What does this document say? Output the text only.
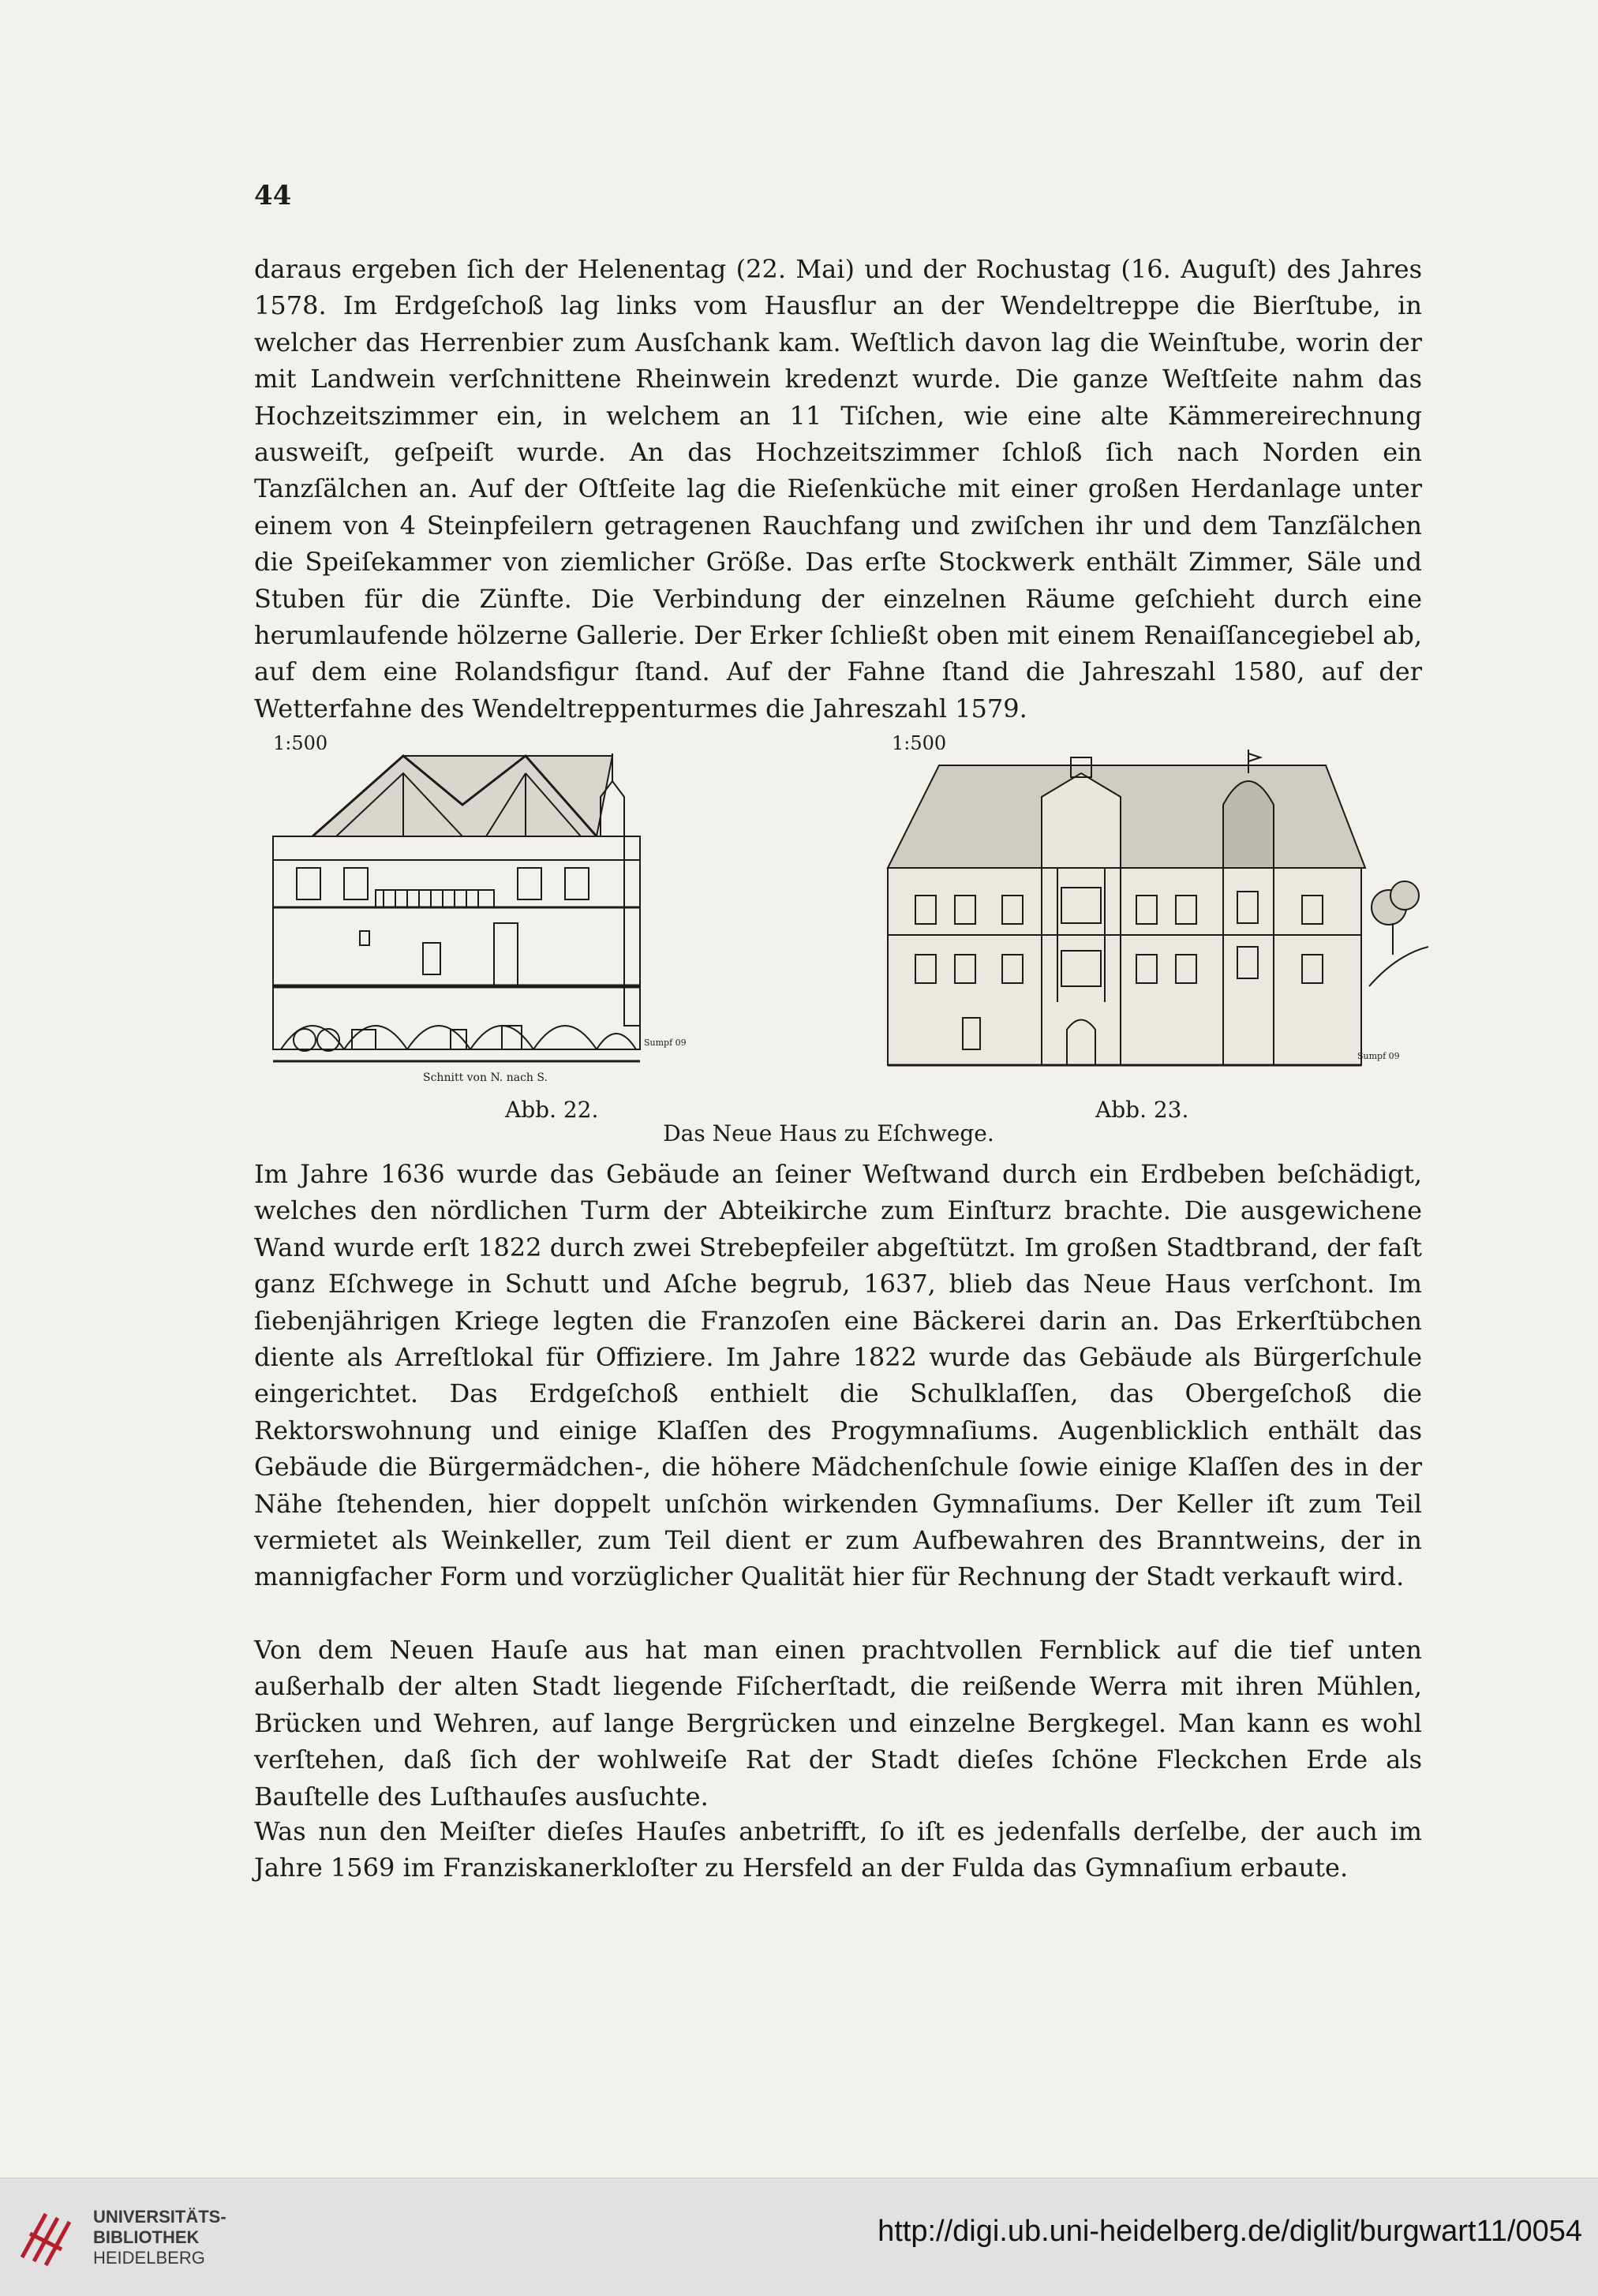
44

daraus ergeben ſich der Helenentag (22. Mai) und der Rochustag (16. Auguſt) des Jahres 1578. Im Erdgeſchoß lag links vom Hausflur an der Wendeltreppe die Bierſtube, in welcher das Herrenbier zum Ausſchank kam. Weſtlich davon lag die Weinſtube, worin der mit Landwein verſchnittene Rheinwein kredenzt wurde. Die ganze Weſtſeite nahm das Hochzeitszimmer ein, in welchem an 11 Tiſchen, wie eine alte Kämmereirechnung ausweiſt, geſpeiſt wurde. An das Hochzeitszimmer ſchloß ſich nach Norden ein Tanzſälchen an. Auf der Oſtſeite lag die Rieſenküche mit einer großen Herdanlage unter einem von 4 Steinpfeilern getragenen Rauchfang und zwiſchen ihr und dem Tanzſälchen die Speiſekammer von ziemlicher Größe. Das erſte Stockwerk enthält Zimmer, Säle und Stuben für die Zünfte. Die Verbindung der einzelnen Räume geſchieht durch eine herumlaufende hölzerne Gallerie. Der Erker ſchließt oben mit einem Renaiſſancegiebel ab, auf dem eine Rolandsfigur ſtand. Auf der Fahne ſtand die Jahreszahl 1580, auf der Wetterfahne des Wendeltreppenturmes die Jahreszahl 1579.

1:500	1:500
Schnitt von N. nach S.
Sumpf 09
Sumpf 09
Abb. 22.	Abb. 23.
Das Neue Haus zu Eſchwege.

Im Jahre 1636 wurde das Gebäude an ſeiner Weſtwand durch ein Erdbeben beſchädigt, welches den nördlichen Turm der Abteikirche zum Einſturz brachte. Die ausgewichene Wand wurde erſt 1822 durch zwei Strebepfeiler abgeſtützt. Im großen Stadtbrand, der faſt ganz Eſchwege in Schutt und Aſche begrub, 1637, blieb das Neue Haus verſchont. Im ſiebenjährigen Kriege legten die Franzoſen eine Bäckerei darin an. Das Erkerſtübchen diente als Arreſtlokal für Offiziere. Im Jahre 1822 wurde das Gebäude als Bürgerſchule eingerichtet. Das Erdgeſchoß enthielt die Schulklaſſen, das Obergeſchoß die Rektorswohnung und einige Klaſſen des Progymnaſiums. Augenblicklich enthält das Gebäude die Bürgermädchen-, die höhere Mädchenſchule ſowie einige Klaſſen des in der Nähe ſtehenden, hier doppelt unſchön wirkenden Gymnaſiums. Der Keller iſt zum Teil vermietet als Weinkeller, zum Teil dient er zum Aufbewahren des Branntweins, der in mannigfacher Form und vorzüglicher Qualität hier für Rechnung der Stadt verkauft wird.

Von dem Neuen Hauſe aus hat man einen prachtvollen Fernblick auf die tief unten außerhalb der alten Stadt liegende Fiſcherſtadt, die reißende Werra mit ihren Mühlen, Brücken und Wehren, auf lange Bergrücken und einzelne Bergkegel. Man kann es wohl verſtehen, daß ſich der wohlweiſe Rat der Stadt dieſes ſchöne Fleckchen Erde als Bauſtelle des Luſthauſes ausſuchte.

Was nun den Meiſter dieſes Hauſes anbetrifft, ſo iſt es jedenfalls derſelbe, der auch im Jahre 1569 im Franziskanerkloſter zu Hersfeld an der Fulda das Gymnaſium erbaute.

UNIVERSITÄTS-
BIBLIOTHEK
HEIDELBERG
http://digi.ub.uni-heidelberg.de/diglit/burgwart11/0054
